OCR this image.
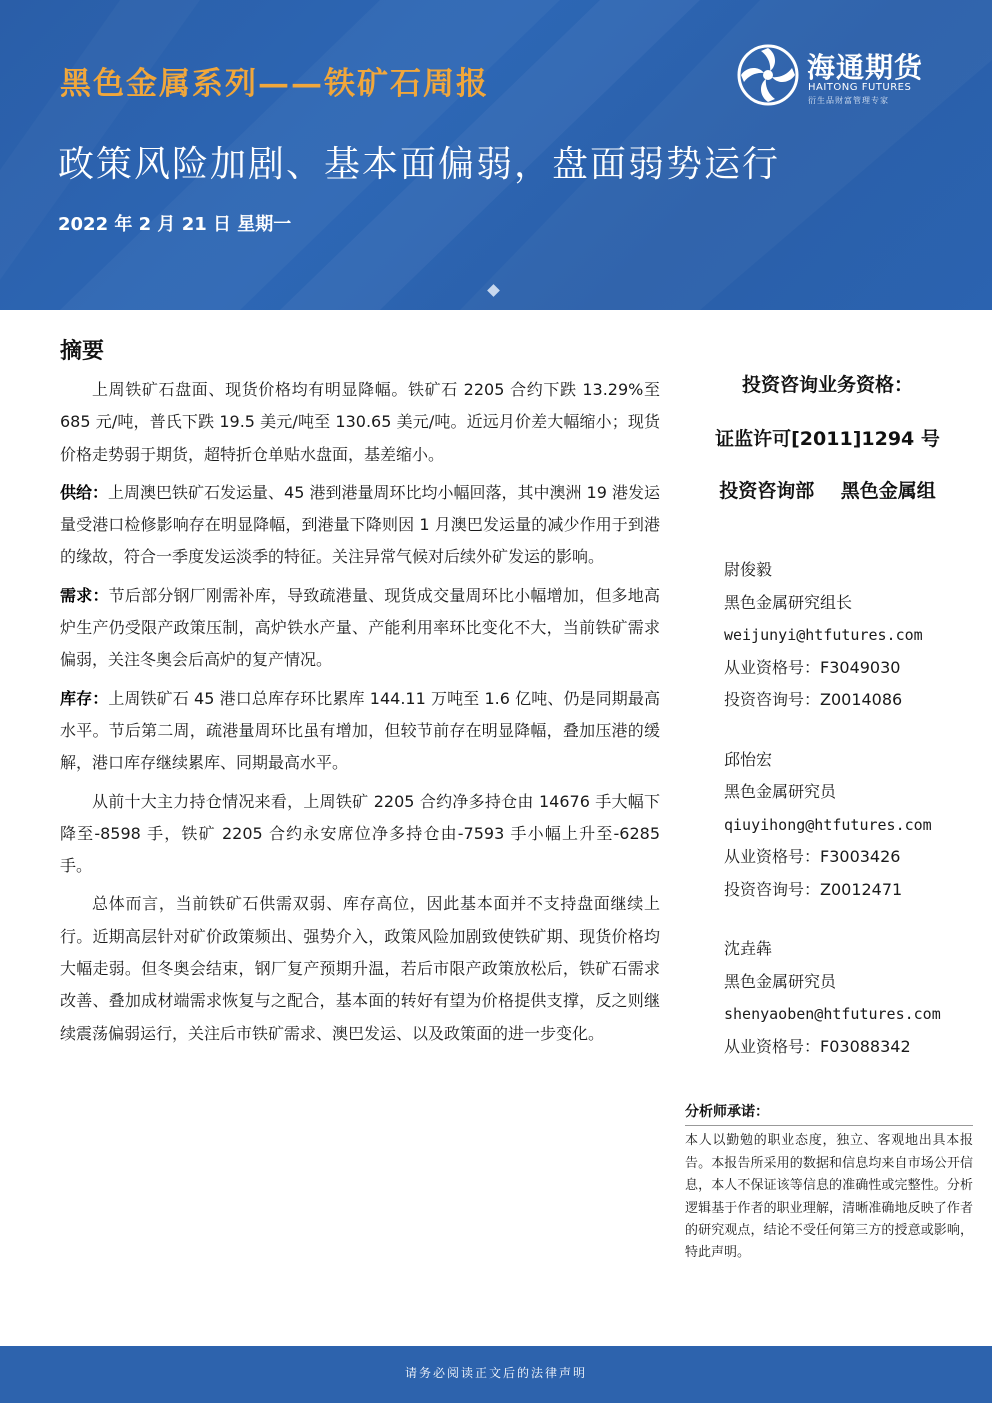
黑色金属系列——铁矿石周报	海通期货
HAITONG FUTURES
衍生品财富管理专家
政策风险加剧、基本面偏弱，盘面弱势运行
2022 年 2 月 21 日 星期一
摘要

上周铁矿石盘面、现货价格均有明显降幅。铁矿石 2205 合约下跌 13.29%至 685 元/吨，普氏下跌 19.5 美元/吨至 130.65 美元/吨。近远月价差大幅缩小；现货价格走势弱于期货，超特折仓单贴水盘面，基差缩小。

供给：上周澳巴铁矿石发运量、45 港到港量周环比均小幅回落，其中澳洲 19 港发运量受港口检修影响存在明显降幅，到港量下降则因 1 月澳巴发运量的减少作用于到港的缘故，符合一季度发运淡季的特征。关注异常气候对后续外矿发运的影响。

需求：节后部分钢厂刚需补库，导致疏港量、现货成交量周环比小幅增加，但多地高炉生产仍受限产政策压制，高炉铁水产量、产能利用率环比变化不大，当前铁矿需求偏弱，关注冬奥会后高炉的复产情况。

库存：上周铁矿石 45 港口总库存环比累库 144.11 万吨至 1.6 亿吨、仍是同期最高水平。节后第二周，疏港量周环比虽有增加，但较节前存在明显降幅，叠加压港的缓解，港口库存继续累库、同期最高水平。

从前十大主力持仓情况来看，上周铁矿 2205 合约净多持仓由 14676 手大幅下降至-8598 手，铁矿 2205 合约永安席位净多持仓由-7593 手小幅上升至-6285 手。

总体而言，当前铁矿石供需双弱、库存高位，因此基本面并不支持盘面继续上行。近期高层针对矿价政策频出、强势介入，政策风险加剧致使铁矿期、现货价格均大幅走弱。但冬奥会结束，钢厂复产预期升温，若后市限产政策放松后，铁矿石需求改善、叠加成材端需求恢复与之配合，基本面的转好有望为价格提供支撑，反之则继续震荡偏弱运行，关注后市铁矿需求、澳巴发运、以及政策面的进一步变化。

投资咨询业务资格：
证监许可[2011]1294 号
投资咨询部    黑色金属组
尉俊毅
黑色金属研究组长
weijunyi@htfutures.com
从业资格号：F3049030
投资咨询号：Z0014086
邱怡宏
黑色金属研究员
qiuyihong@htfutures.com
从业资格号：F3003426
投资咨询号：Z0012471
沈垚犇
黑色金属研究员
shenyaoben@htfutures.com
从业资格号：F03088342
分析师承诺：
本人以勤勉的职业态度，独立、客观地出具本报告。本报告所采用的数据和信息均来自市场公开信息，本人不保证该等信息的准确性或完整性。分析逻辑基于作者的职业理解，清晰准确地反映了作者的研究观点，结论不受任何第三方的授意或影响，特此声明。
请务必阅读正文后的法律声明
